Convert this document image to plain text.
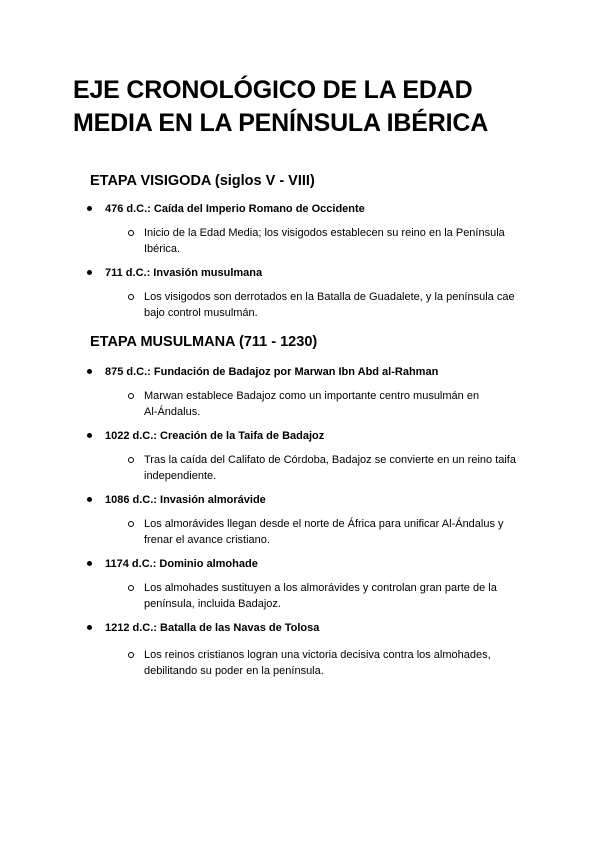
EJE CRONOLÓGICO DE LA EDAD
MEDIA EN LA PENÍNSULA IBÉRICA
ETAPA VISIGODA (siglos V - VIII)
476 d.C.: Caída del Imperio Romano de Occidente
Inicio de la Edad Media; los visigodos establecen su reino en la Península
Ibérica.
711 d.C.: Invasión musulmana
Los visigodos son derrotados en la Batalla de Guadalete, y la península cae
bajo control musulmán.
ETAPA MUSULMANA (711 - 1230)
875 d.C.: Fundación de Badajoz por Marwan Ibn Abd al-Rahman
Marwan establece Badajoz como un importante centro musulmán en
Al-Ándalus.
1022 d.C.: Creación de la Taifa de Badajoz
Tras la caída del Califato de Córdoba, Badajoz se convierte en un reino taifa
independiente.
1086 d.C.: Invasión almorávide
Los almorávides llegan desde el norte de África para unificar Al-Ándalus y
frenar el avance cristiano.
1174 d.C.: Dominio almohade
Los almohades sustituyen a los almorávides y controlan gran parte de la
península, incluida Badajoz.
1212 d.C.: Batalla de las Navas de Tolosa
Los reinos cristianos logran una victoria decisiva contra los almohades,
debilitando su poder en la península.
